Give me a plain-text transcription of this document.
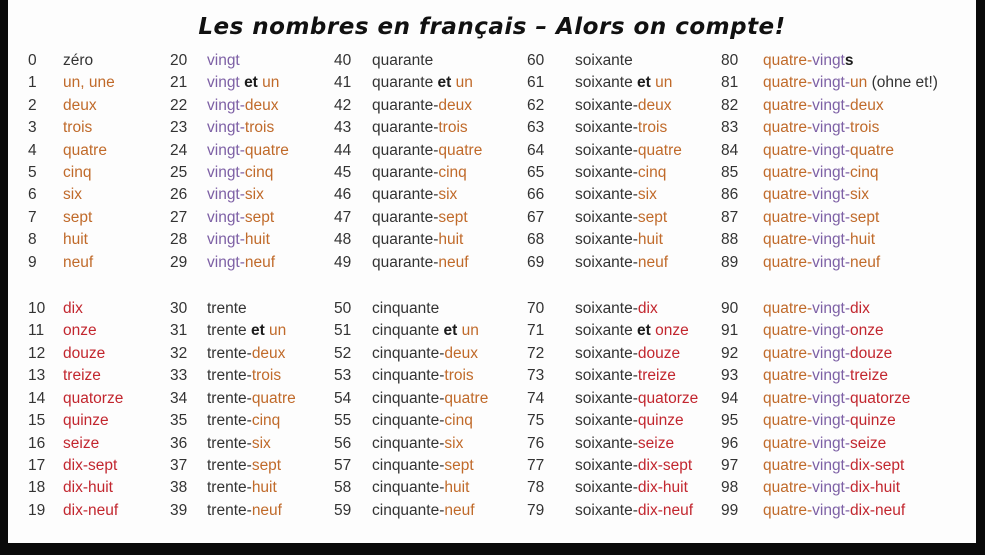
Les nombres en français – Alors on compte!
0	zéro
1	un, une
2	deux
3	trois
4	quatre
5	cinq
6	six
7	sept
8	huit
9	neuf
10	dix
11	onze
12	douze
13	treize
14	quatorze
15	quinze
16	seize
17	dix-sept
18	dix-huit
19	dix-neuf
20	vingt
21	vingt et un
22	vingt-deux
23	vingt-trois
24	vingt-quatre
25	vingt-cinq
26	vingt-six
27	vingt-sept
28	vingt-huit
29	vingt-neuf
30	trente
31	trente et un
32	trente-deux
33	trente-trois
34	trente-quatre
35	trente-cinq
36	trente-six
37	trente-sept
38	trente-huit
39	trente-neuf
40	quarante
41	quarante et un
42	quarante-deux
43	quarante-trois
44	quarante-quatre
45	quarante-cinq
46	quarante-six
47	quarante-sept
48	quarante-huit
49	quarante-neuf
50	cinquante
51	cinquante et un
52	cinquante-deux
53	cinquante-trois
54	cinquante-quatre
55	cinquante-cinq
56	cinquante-six
57	cinquante-sept
58	cinquante-huit
59	cinquante-neuf
60	soixante
61	soixante et un
62	soixante-deux
63	soixante-trois
64	soixante-quatre
65	soixante-cinq
66	soixante-six
67	soixante-sept
68	soixante-huit
69	soixante-neuf
70	soixante-dix
71	soixante et onze
72	soixante-douze
73	soixante-treize
74	soixante-quatorze
75	soixante-quinze
76	soixante-seize
77	soixante-dix-sept
78	soixante-dix-huit
79	soixante-dix-neuf
80	quatre-vingts
81	quatre-vingt-un (ohne et!)
82	quatre-vingt-deux
83	quatre-vingt-trois
84	quatre-vingt-quatre
85	quatre-vingt-cinq
86	quatre-vingt-six
87	quatre-vingt-sept
88	quatre-vingt-huit
89	quatre-vingt-neuf
90	quatre-vingt-dix
91	quatre-vingt-onze
92	quatre-vingt-douze
93	quatre-vingt-treize
94	quatre-vingt-quatorze
95	quatre-vingt-quinze
96	quatre-vingt-seize
97	quatre-vingt-dix-sept
98	quatre-vingt-dix-huit
99	quatre-vingt-dix-neuf
